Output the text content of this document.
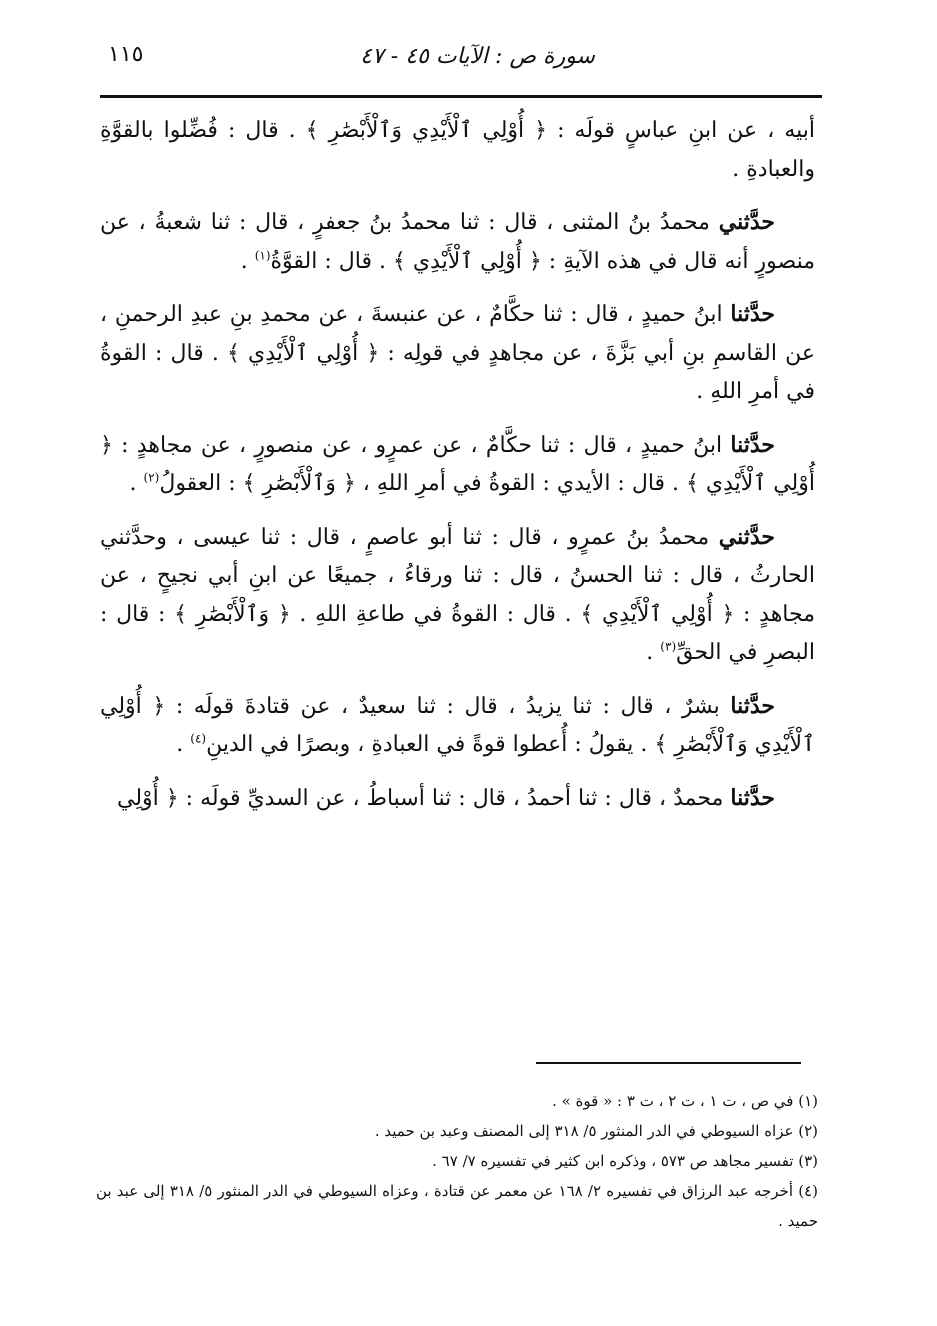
سورة ص : الآيات ٤٥ - ٤٧
١١٥

أبيه ، عن ابنِ عباسٍ قولَه : ﴿ أُوْلِي ٱلْأَيْدِي وَٱلْأَبْصَٰرِ ﴾ . قال : فُضِّلوا بالقوَّةِ والعبادةِ .

حدَّثني محمدُ بنُ المثنى ، قال : ثنا محمدُ بنُ جعفرٍ ، قال : ثنا شعبةُ ، عن منصورٍ أنه قال في هذه الآيةِ : ﴿ أُوْلِي ٱلْأَيْدِي ﴾ . قال : القوَّةُ$^{(١)}$ .

حدَّثنا ابنُ حميدٍ ، قال : ثنا حكَّامٌ ، عن عنبسةَ ، عن محمدِ بنِ عبدِ الرحمنِ ، عن القاسمِ بنِ أبي بَزَّةَ ، عن مجاهدٍ في قولِه : ﴿ أُوْلِي ٱلْأَيْدِي ﴾ . قال : القوةُ في أمرِ اللهِ .

حدَّثنا ابنُ حميدٍ ، قال : ثنا حكَّامٌ ، عن عمرٍو ، عن منصورٍ ، عن مجاهدٍ : ﴿ أُوْلِي ٱلْأَيْدِي ﴾ . قال : الأيدي : القوةُ في أمرِ اللهِ ، ﴿ وَٱلْأَبْصَٰرِ ﴾ : العقولُ$^{(٢)}$ .

حدَّثني محمدُ بنُ عمرٍو ، قال : ثنا أبو عاصمٍ ، قال : ثنا عيسى ، وحدَّثني الحارثُ ، قال : ثنا الحسنُ ، قال : ثنا ورقاءُ ، جميعًا عن ابنِ أبي نجيحٍ ، عن مجاهدٍ : ﴿ أُوْلِي ٱلْأَيْدِي ﴾ . قال : القوةُ في طاعةِ اللهِ . ﴿ وَٱلْأَبْصَٰرِ ﴾ : قال : البصرِ في الحقِّ$^{(٣)}$ .

حدَّثنا بشرٌ ، قال : ثنا يزيدُ ، قال : ثنا سعيدٌ ، عن قتادةَ قولَه : ﴿ أُوْلِي ٱلْأَيْدِي وَٱلْأَبْصَٰرِ ﴾ . يقولُ : أُعطوا قوةً في العبادةِ ، وبصرًا في الدينِ$^{(٤)}$ .

حدَّثنا محمدٌ ، قال : ثنا أحمدُ ، قال : ثنا أسباطُ ، عن السديِّ قولَه : ﴿ أُوْلِي

(١) في ص ، ت ١ ، ت ٢ ، ت ٣ : « قوة » .

(٢) عزاه السيوطي في الدر المنثور ٥/ ٣١٨ إلى المصنف وعبد بن حميد .

(٣) تفسير مجاهد ص ٥٧٣ ، وذكره ابن كثير في تفسيره ٧/ ٦٧ .

(٤) أخرجه عبد الرزاق في تفسيره ٢/ ١٦٨ عن معمر عن قتادة ، وعزاه السيوطي في الدر المنثور ٥/ ٣١٨ إلى عبد بن حميد .
